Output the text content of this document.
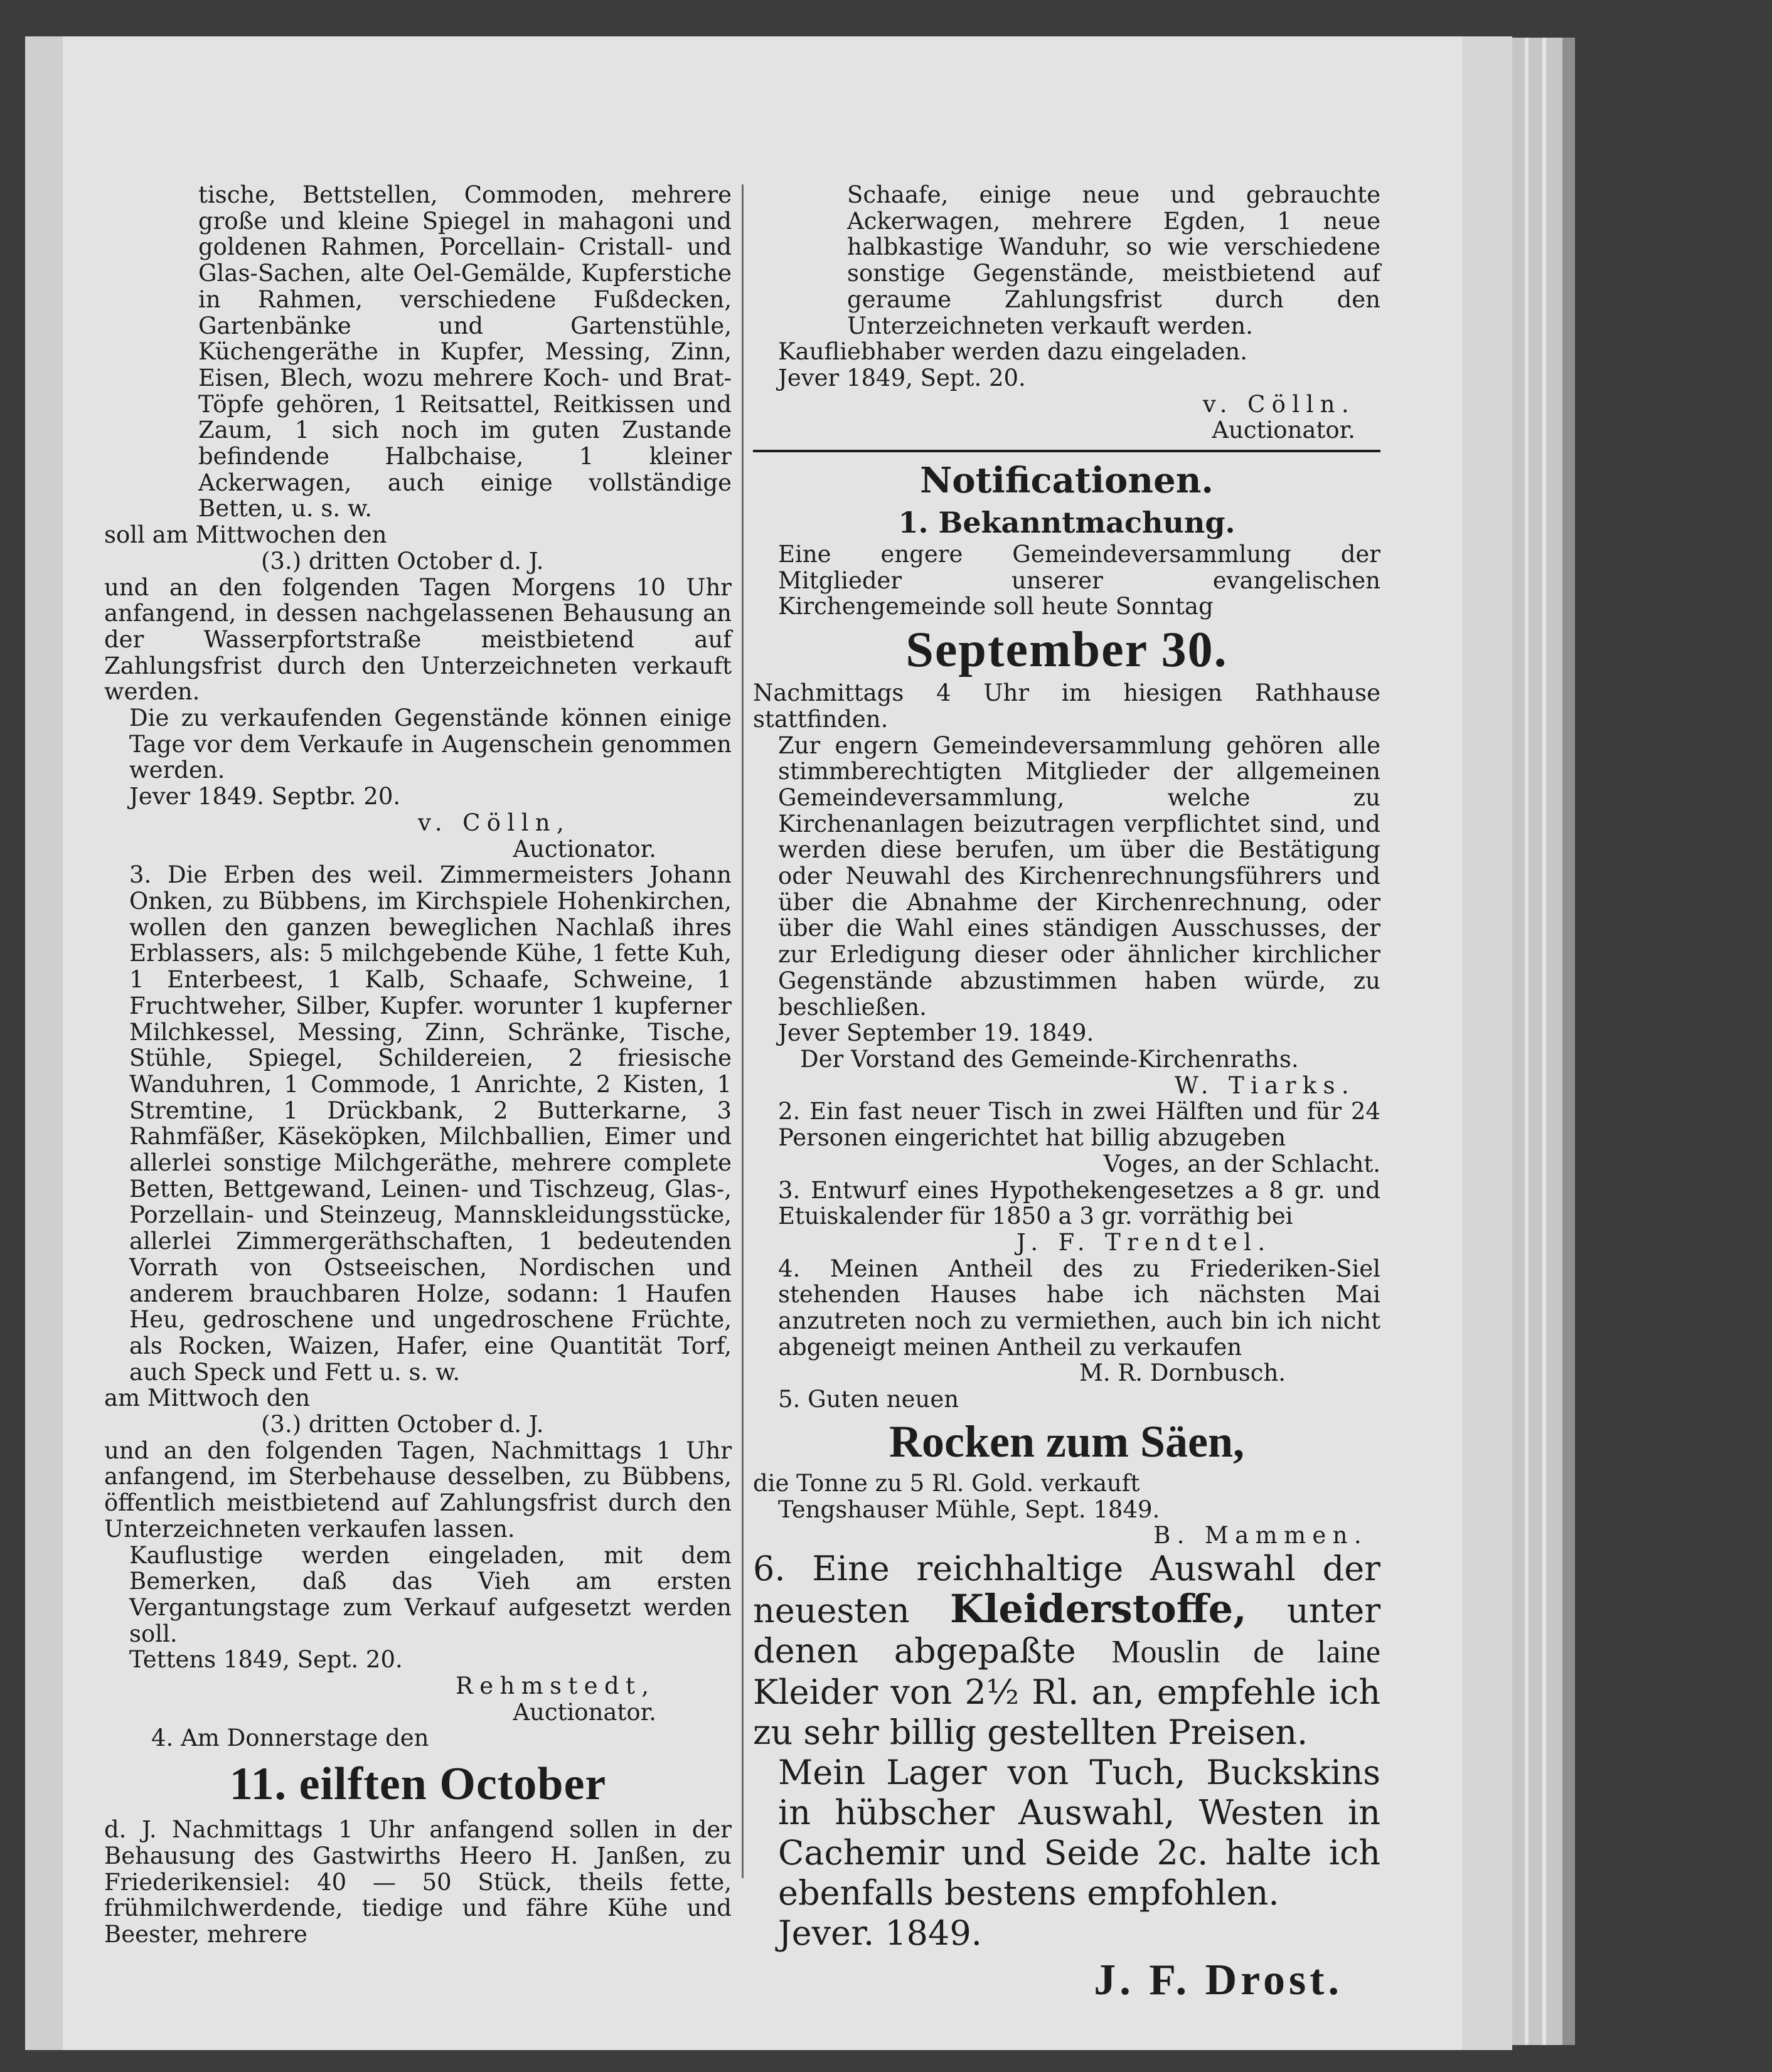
tische, Bettstellen, Commoden, mehrere große und kleine Spiegel in mahagoni und goldenen Rahmen, Porcellain- Cristall- und Glas-Sachen, alte Oel-Gemälde, Kupferstiche in Rahmen, verschiedene Fußdecken, Gartenbänke und Gartenstühle, Küchengeräthe in Kupfer, Messing, Zinn, Eisen, Blech, wozu mehrere Koch- und Brat-Töpfe gehören, 1 Reitsattel, Reitkissen und Zaum, 1 sich noch im guten Zustande befindende Halbchaise, 1 kleiner Ackerwagen, auch einige vollständige Betten, u. s. w.

soll am Mittwochen den

(3.) dritten October d. J.

und an den folgenden Tagen Morgens 10 Uhr anfangend, in dessen nachgelassenen Behausung an der Wasserpfortstraße meistbietend auf Zahlungsfrist durch den Unterzeichneten verkauft werden.

Die zu verkaufenden Gegenstände können einige Tage vor dem Verkaufe in Augenschein genommen werden.

Jever 1849. Septbr. 20.

v. Cölln,

Auctionator.

3. Die Erben des weil. Zimmermeisters Johann Onken, zu Bübbens, im Kirchspiele Hohenkirchen, wollen den ganzen beweglichen Nachlaß ihres Erblassers, als: 5 milchgebende Kühe, 1 fette Kuh, 1 Enterbeest, 1 Kalb, Schaafe, Schweine, 1 Fruchtweher, Silber, Kupfer. worunter 1 kupferner Milchkessel, Messing, Zinn, Schränke, Tische, Stühle, Spiegel, Schildereien, 2 friesische Wanduhren, 1 Commode, 1 Anrichte, 2 Kisten, 1 Stremtine, 1 Drückbank, 2 Butterkarne, 3 Rahmfäßer, Käseköpken, Milchballien, Eimer und allerlei sonstige Milchgeräthe, mehrere complete Betten, Bettgewand, Leinen- und Tischzeug, Glas-, Porzellain- und Steinzeug, Mannskleidungsstücke, allerlei Zimmergeräthschaften, 1 bedeutenden Vorrath von Ostseeischen, Nordischen und anderem brauchbaren Holze, sodann: 1 Haufen Heu, gedroschene und ungedroschene Früchte, als Rocken, Waizen, Hafer, eine Quantität Torf, auch Speck und Fett u. s. w.

am Mittwoch den

(3.) dritten October d. J.

und an den folgenden Tagen, Nachmittags 1 Uhr anfangend, im Sterbehause desselben, zu Bübbens, öffentlich meistbietend auf Zahlungsfrist durch den Unterzeichneten verkaufen lassen.

Kauflustige werden eingeladen, mit dem Bemerken, daß das Vieh am ersten Vergantungstage zum Verkauf aufgesetzt werden soll.

Tettens 1849, Sept. 20.

Rehmstedt,

Auctionator.

4. Am Donnerstage den

11. eilften October

d. J. Nachmittags 1 Uhr anfangend sollen in der Behausung des Gastwirths Heero H. Janßen, zu Friederikensiel: 40 — 50 Stück, theils fette, frühmilchwerdende, tiedige und fähre Kühe und Beester, mehrere

Schaafe, einige neue und gebrauchte Ackerwagen, mehrere Egden, 1 neue halbkastige Wanduhr, so wie verschiedene sonstige Gegenstände, meistbietend auf geraume Zahlungsfrist durch den Unterzeichneten verkauft werden.

Kaufliebhaber werden dazu eingeladen.

Jever 1849, Sept. 20.

v. Cölln.

Auctionator.

Notificationen.

1. Bekanntmachung.

Eine engere Gemeindeversammlung der Mitglieder unserer evangelischen Kirchengemeinde soll heute Sonntag

September 30.

Nachmittags 4 Uhr im hiesigen Rathhause stattfinden.

Zur engern Gemeindeversammlung gehören alle stimmberechtigten Mitglieder der allgemeinen Gemeindeversammlung, welche zu Kirchenanlagen beizutragen verpflichtet sind, und werden diese berufen, um über die Bestätigung oder Neuwahl des Kirchenrechnungsführers und über die Abnahme der Kirchenrechnung, oder über die Wahl eines ständigen Ausschusses, der zur Erledigung dieser oder ähnlicher kirchlicher Gegenstände abzustimmen haben würde, zu beschließen.

Jever September 19. 1849.

Der Vorstand des Gemeinde-Kirchenraths.

W. Tiarks.

2. Ein fast neuer Tisch in zwei Hälften und für 24 Personen eingerichtet hat billig abzugeben

Voges, an der Schlacht.

3. Entwurf eines Hypothekengesetzes a 8 gr. und Etuiskalender für 1850 a 3 gr. vorräthig bei

J. F. Trendtel.

4. Meinen Antheil des zu Friederiken-Siel stehenden Hauses habe ich nächsten Mai anzutreten noch zu vermiethen, auch bin ich nicht abgeneigt meinen Antheil zu verkaufen

M. R. Dornbusch.

5. Guten neuen

Rocken zum Säen,

die Tonne zu 5 Rl. Gold. verkauft

Tengshauser Mühle, Sept. 1849.

B. Mammen.

6. Eine reichhaltige Auswahl der neuesten Kleiderstoffe, unter denen abgepaßte Mouslin de laine Kleider von 2½ Rl. an, empfehle ich zu sehr billig gestellten Preisen.

Mein Lager von Tuch, Buckskins in hübscher Auswahl, Westen in Cachemir und Seide 2c. halte ich ebenfalls bestens empfohlen.

Jever. 1849.

J. F. Drost.
